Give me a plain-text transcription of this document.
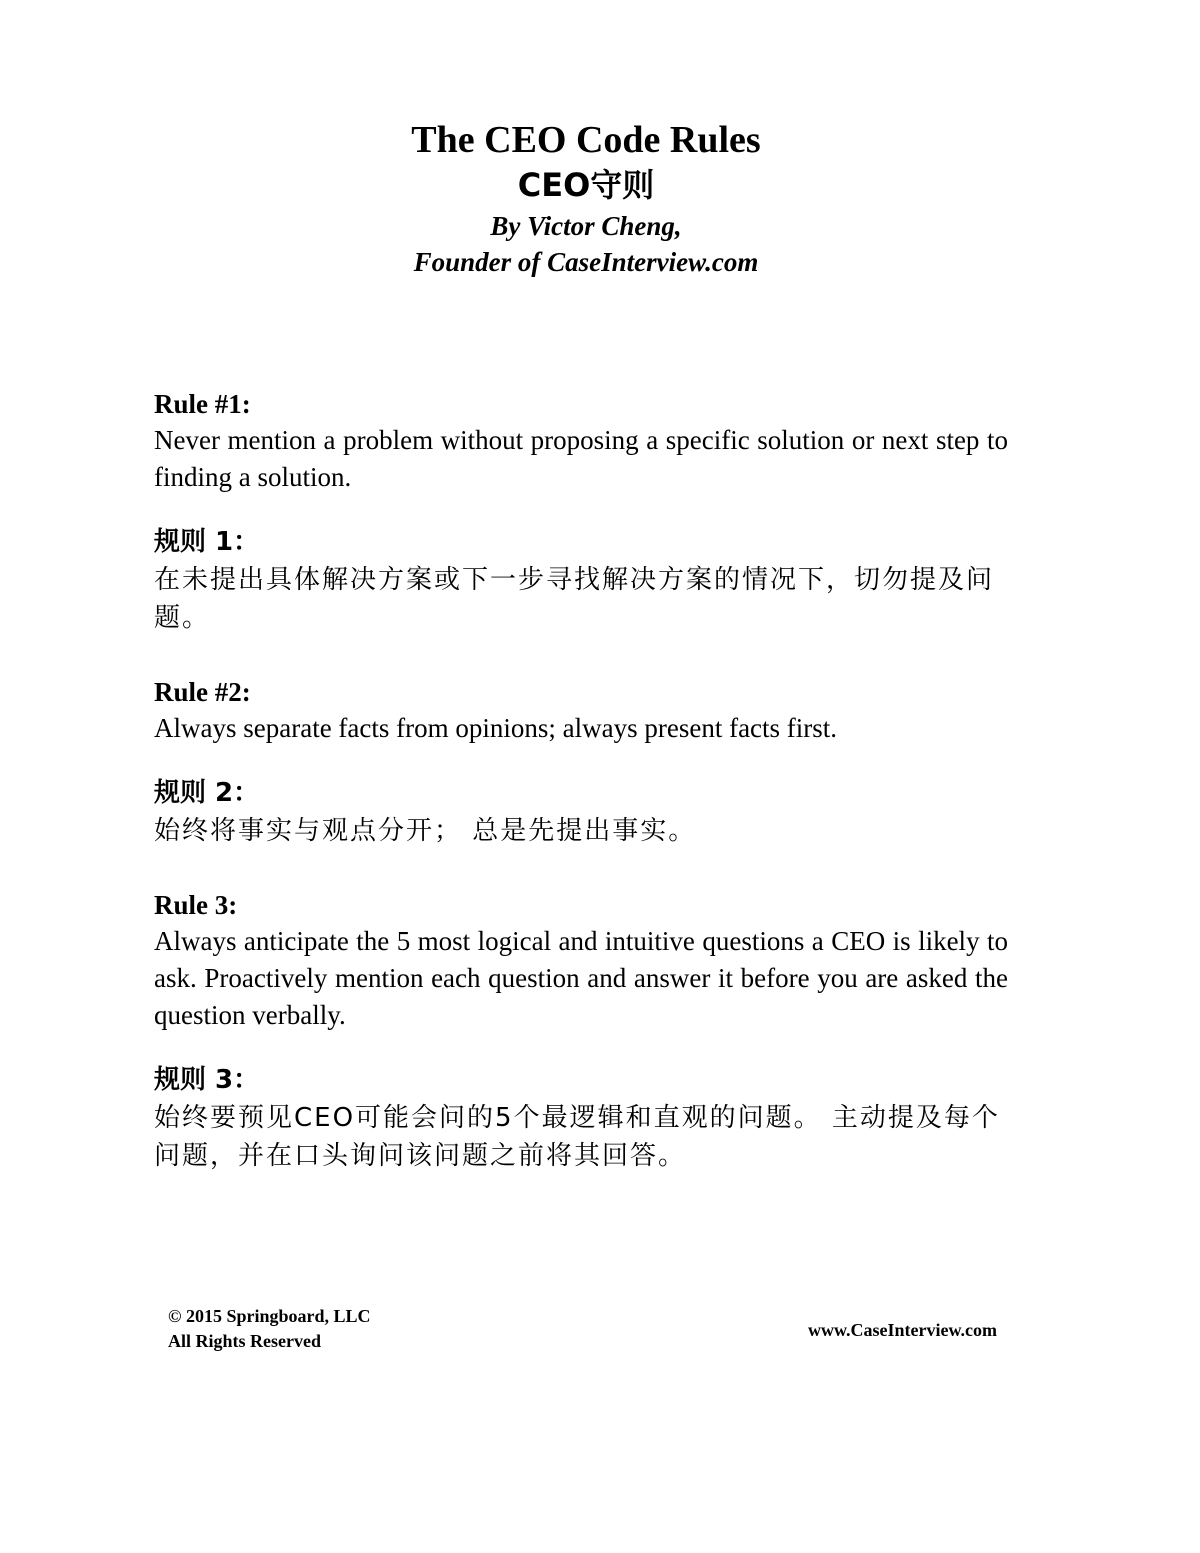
The CEO Code Rules

CEO守则

By Victor Cheng,

Founder of CaseInterview.com

Rule #1:

Never mention a problem without proposing a specific solution or next step to finding a solution.

规则 1：

在未提出具体解决方案或下一步寻找解决方案的情况下，切勿提及问题。

Rule #2:

Always separate facts from opinions; always present facts first.

规则 2：

始终将事实与观点分开； 总是先提出事实。

Rule 3:

Always anticipate the 5 most logical and intuitive questions a CEO is likely to ask. Proactively mention each question and answer it before you are asked the question verbally.

规则 3：

始终要预见CEO可能会问的5个最逻辑和直观的问题。 主动提及每个问题，并在口头询问该问题之前将其回答。

© 2015 Springboard, LLC

All Rights Reserved

www.CaseInterview.com
